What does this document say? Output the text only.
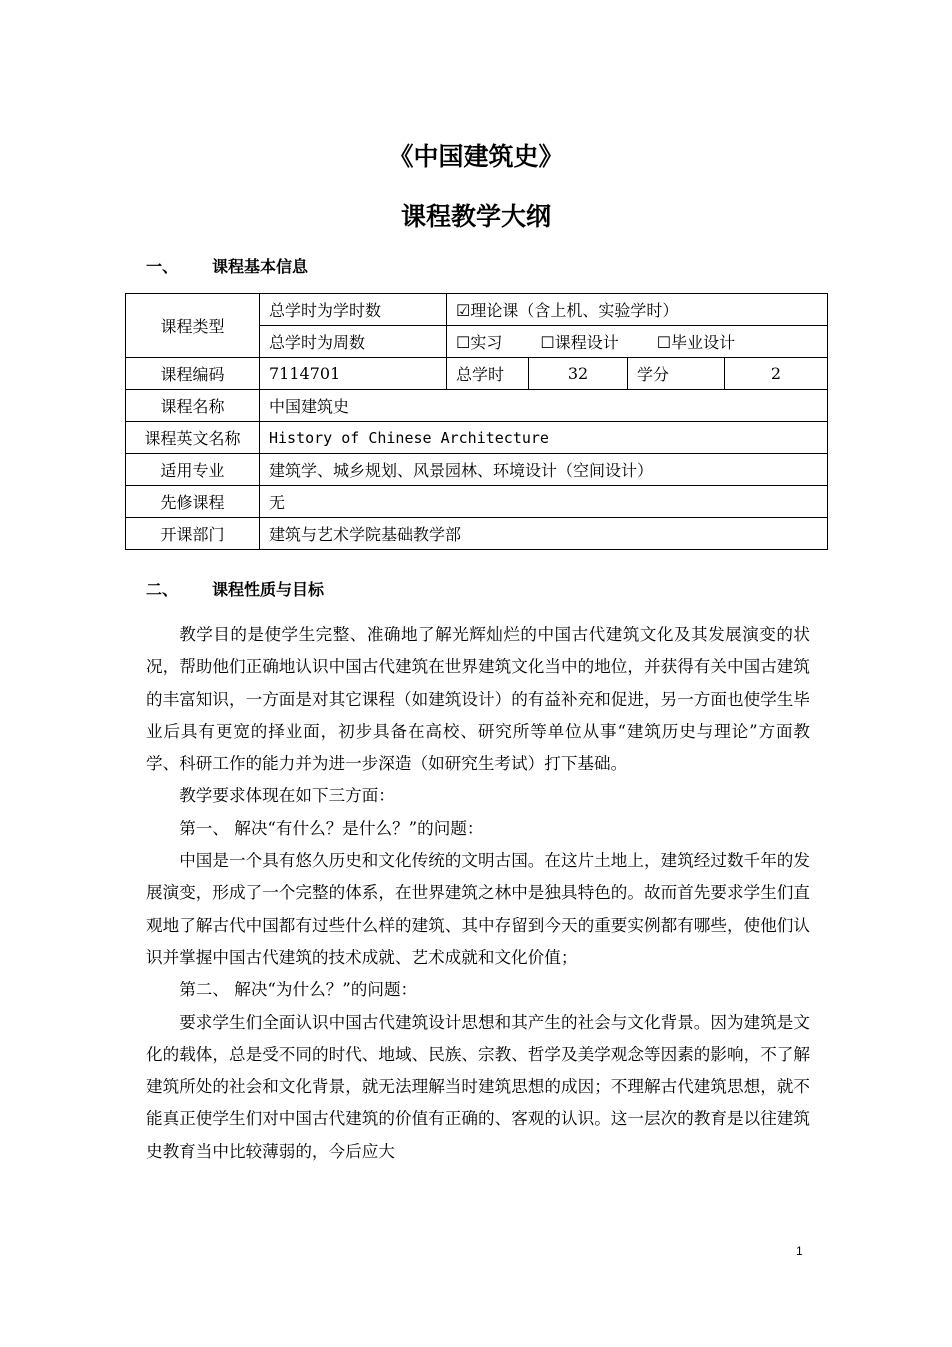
《中国建筑史》
课程教学大纲
一、 课程基本信息
课程类型	总学时为学时数	☑理论课（含上机、实验学时）			
	总学时为周数	☐实习 ☐课程设计 ☐毕业设计			
课程编码	7114701	总学时	32	学分	2
课程名称	中国建筑史				
课程英文名称	History of Chinese Architecture				
适用专业	建筑学、城乡规划、风景园林、环境设计（空间设计）				
先修课程	无				
开课部门	建筑与艺术学院基础教学部				
二、 课程性质与目标

教学目的是使学生完整、准确地了解光辉灿烂的中国古代建筑文化及其发展演变的状况，帮助他们正确地认识中国古代建筑在世界建筑文化当中的地位，并获得有关中国古建筑的丰富知识，一方面是对其它课程（如建筑设计）的有益补充和促进，另一方面也使学生毕业后具有更宽的择业面，初步具备在高校、研究所等单位从事“建筑历史与理论”方面教学、科研工作的能力并为进一步深造（如研究生考试）打下基础。

教学要求体现在如下三方面：

第一、 解决“有什么？是什么？”的问题：

中国是一个具有悠久历史和文化传统的文明古国。在这片土地上，建筑经过数千年的发展演变，形成了一个完整的体系，在世界建筑之林中是独具特色的。故而首先要求学生们直观地了解古代中国都有过些什么样的建筑、其中存留到今天的重要实例都有哪些，使他们认识并掌握中国古代建筑的技术成就、艺术成就和文化价值；

第二、 解决“为什么？”的问题：

要求学生们全面认识中国古代建筑设计思想和其产生的社会与文化背景。因为建筑是文化的载体，总是受不同的时代、地域、民族、宗教、哲学及美学观念等因素的影响，不了解建筑所处的社会和文化背景，就无法理解当时建筑思想的成因；不理解古代建筑思想，就不能真正使学生们对中国古代建筑的价值有正确的、客观的认识。这一层次的教育是以往建筑史教育当中比较薄弱的，今后应大

1
